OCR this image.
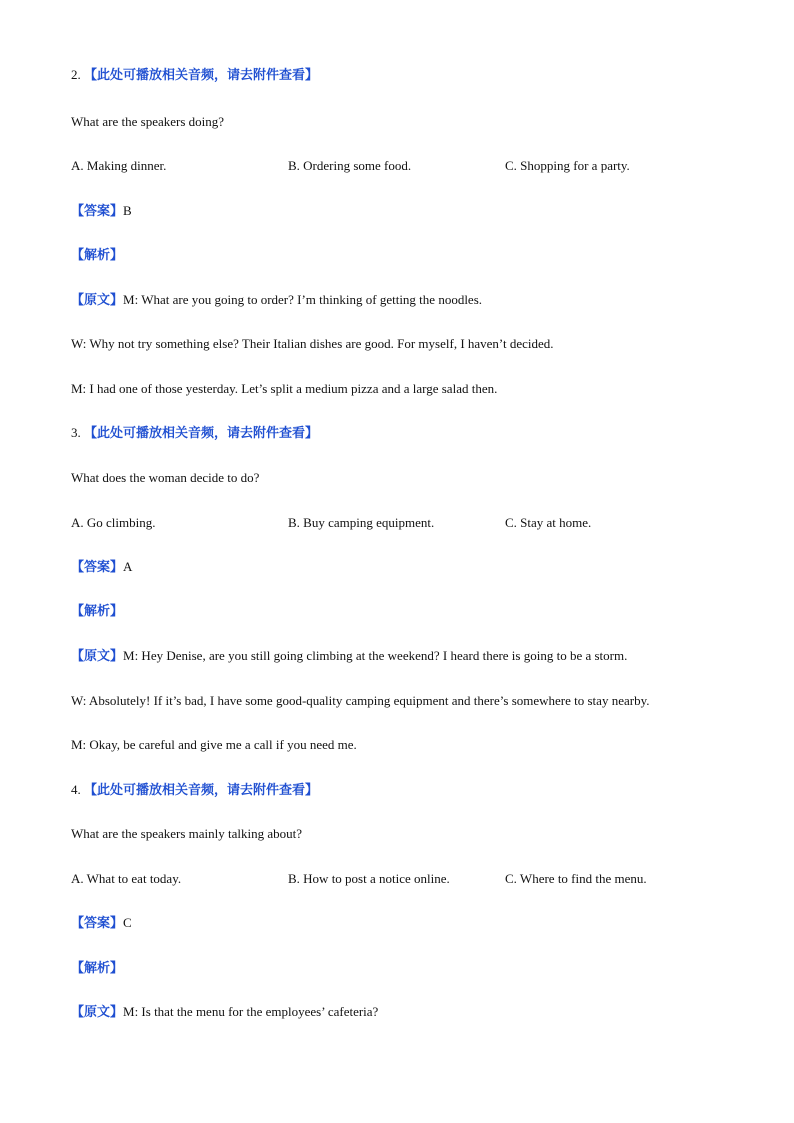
2. 【此处可播放相关音频，请去附件查看】
What are the speakers doing?
A. Making dinner.	B. Ordering some food.	C. Shopping for a party.
【答案】B
【解析】
【原文】M: What are you going to order? I’m thinking of getting the noodles.
W: Why not try something else? Their Italian dishes are good. For myself, I haven’t decided.
M: I had one of those yesterday. Let’s split a medium pizza and a large salad then.
3. 【此处可播放相关音频，请去附件查看】
What does the woman decide to do?
A. Go climbing.	B. Buy camping equipment.	C. Stay at home.
【答案】A
【解析】
【原文】M: Hey Denise, are you still going climbing at the weekend? I heard there is going to be a storm.
W: Absolutely! If it’s bad, I have some good-quality camping equipment and there’s somewhere to stay nearby.
M: Okay, be careful and give me a call if you need me.
4. 【此处可播放相关音频，请去附件查看】
What are the speakers mainly talking about?
A. What to eat today.	B. How to post a notice online.	C. Where to find the menu.
【答案】C
【解析】
【原文】M: Is that the menu for the employees’ cafeteria?
